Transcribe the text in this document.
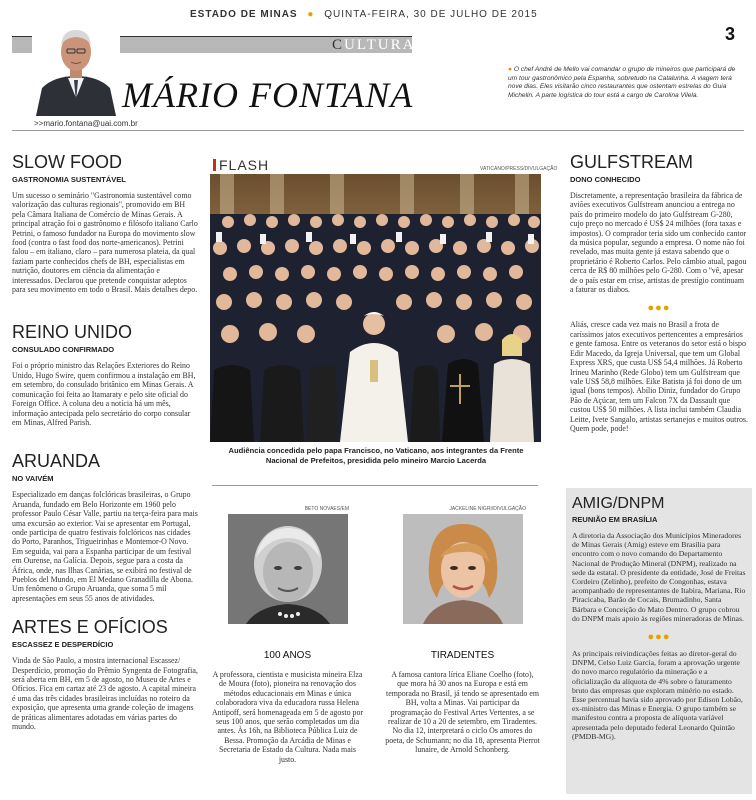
ESTADO DE MINAS ● QUINTA-FEIRA, 30 DE JULHO DE 2015
3
CULTURA
MÁRIO FONTANA
>>mario.fontana@uai.com.br
● O chef André de Mello vai comandar o grupo de mineiros que participará de um tour gastronômico pela Espanha, sobretudo na Catalunha. A viagem terá nove dias. Eles visitarão cinco restaurantes que ostentam estrelas do Guia Michelin. A parte logística do tour está a cargo de Carolina Vilela.
SLOW FOOD
GASTRONOMIA SUSTENTÁVEL
Um sucesso o seminário "Gastronomia sustentável como valorização das culturas regionais", promovido em BH pela Câmara Italiana de Comércio de Minas Gerais. A principal atração foi o gastrônomo e filósofo italiano Carlo Petrini, o famoso fundador na Europa do movimento slow food (contra o fast food dos norte-americanos). Petrini falou – em italiano, claro – para numerosa plateia, da qual faziam parte conhecidos chefs de BH, especialistas em nutrição, doutores em ciência da alimentação e interessados. Declarou que pretende conquistar adeptos para seu movimento em todo o Brasil. Mais detalhes depo.
REINO UNIDO
CONSULADO CONFIRMADO
Foi o próprio ministro das Relações Exteriores do Reino Unido, Hugo Swire, quem confirmou a instalação em BH, em setembro, do consulado britânico em Minas Gerais. A comunicação foi feita ao Itamaraty e pelo site oficial do Foreign Office. A coluna deu a notícia há um mês, informação antecipada pelo secretário do corpo consular em Minas, Alfred Parish.
ARUANDA
NO VAIVÉM
Especializado em danças folclóricas brasileiras, o Grupo Aruanda, fundado em Belo Horizonte em 1960 pelo professor Paulo César Valle, partiu na terça-feira para mais uma excursão ao exterior. Vai se apresentar em Portugal, onde participa de quatro festivais folclóricos nas cidades do Porto, Paranhos, Trigueirinhas e Montemor-O Novo. Em seguida, vai para a Espanha participar de um festival em Ourense, na Galícia. Depois, segue para a costa da África, onde, nas Ilhas Canárias, se exibirá no festival de Pueblos del Mundo, em El Medano Granadilla de Abona. Um fenômeno o Grupo Aruanda, que soma 5 mil apresentações em seus 55 anos de atividades.
ARTES E OFÍCIOS
ESCASSEZ E DESPERDÍCIO
Vinda de São Paulo, a mostra internacional Escassez/ Desperdício, promoção do Prêmio Syngenta de Fotografia, será aberta em BH, em 5 de agosto, no Museu de Artes e Ofícios. Fica em cartaz até 23 de agosto. A capital mineira é uma das três cidades brasileiras incluídas no roteiro da exposição, que apresenta uma grande coleção de imagens de práticas alimentares adotadas em várias partes do mundo.
FLASH	VATICANO/PRESS/DIVULGAÇÃO
Audiência concedida pelo papa Francisco, no Vaticano, aos integrantes da Frente Nacional de Prefeitos, presidida pelo mineiro Marcio Lacerda
BETO NOVAES/EM
100 ANOS
A professora, cientista e musicista mineira Elza de Moura (foto), pioneira na renovação dos métodos educacionais em Minas e única colaboradora viva da educadora russa Helena Antipoff, será homenageada em 5 de agosto por seus 100 anos, que serão completados um dia antes. Às 16h, na Biblioteca Pública Luiz de Bessa. Promoção da Arcádia de Minas e Secretaria de Estado da Cultura. Nada mais justo.
JACKELINE NIGRI/DIVULGAÇÃO
TIRADENTES
A famosa cantora lírica Eliane Coelho (foto), que mora há 30 anos na Europa e está em temporada no Brasil, já tendo se apresentado em BH, volta a Minas. Vai participar da programação do Festival Artes Vertentes, a se realizar de 10 a 20 de setembro, em Tiradentes. No dia 12, interpretará o ciclo Os amores do poeta, de Schumann; no dia 18, apresenta Pierrot lunaire, de Arnold Schonberg.
GULFSTREAM
DONO CONHECIDO
Discretamente, a representação brasileira da fábrica de aviões executivos Gulfstream anunciou a entrega no país do primeiro modelo do jato Gulfstream G-280, cujo preço no mercado é US$ 24 milhões (fora taxas e impostos). O comprador teria sido um conhecido cantor da música popular, segundo a empresa. O nome não foi revelado, mas muita gente já estava sabendo que o proprietário é Roberto Carlos. Pelo câmbio atual, pagou cerca de R$ 80 milhões pelo G-280. Com o ''vê, apesar de o país estar em crise, artistas de prestígio continuam a faturar os diabos.
●●●
Aliás, cresce cada vez mais no Brasil a frota de caríssimos jatos executivos pertencentes a empresários e gente famosa. Entre os veteranos do setor está o bispo Edir Macedo, da Igreja Universal, que tem um Global Express XRS, que custa US$ 54,4 milhões. Já Roberto Irineu Marinho (Rede Globo) tem um Gulfstream que vale US$ 58,8 milhões. Eike Batista já foi dono de um igual (bons tempos). Abílio Diniz, fundador do Grupo Pão de Açúcar, tem um Falcon 7X da Dassault que custou US$ 50 milhões. A lista inclui também Claudia Leitte, Ivete Sangalo, artistas sertanejos e muitos outros. Quem pode, pode!
AMIG/DNPM
REUNIÃO EM BRASÍLIA
A diretoria da Associação dos Municípios Mineradores de Minas Gerais (Amig) esteve em Brasília para encontro com o novo comando do Departamento Nacional de Produção Mineral (DNPM), realizado na sede da estatal. O presidente da entidade, José de Freitas Cordeiro (Zelinho), prefeito de Congonhas, estava acompanhado de representantes de Itabira, Mariana, Rio Piracicaba, Barão de Cocais, Brumadinho, Santa Bárbara e Conceição do Mato Dentro. O grupo cobrou do DNPM mais apoio às regiões mineradoras de Minas.
●●●
As principais reivindicações feitas ao diretor-geral do DNPM, Celso Luiz Garcia, foram a aprovação urgente do novo marco regulatório da mineração e a oficialização da alíquota de 4% sobre o faturamento bruto das empresas que exploram minério no estado. Esse percentual havia sido aprovado por Edison Lobão, ex-ministro das Minas e Energia. O grupo também se manifestou contra a proposta de alíquota variável apresentada pelo deputado federal Leonardo Quintão (PMDB-MG).
